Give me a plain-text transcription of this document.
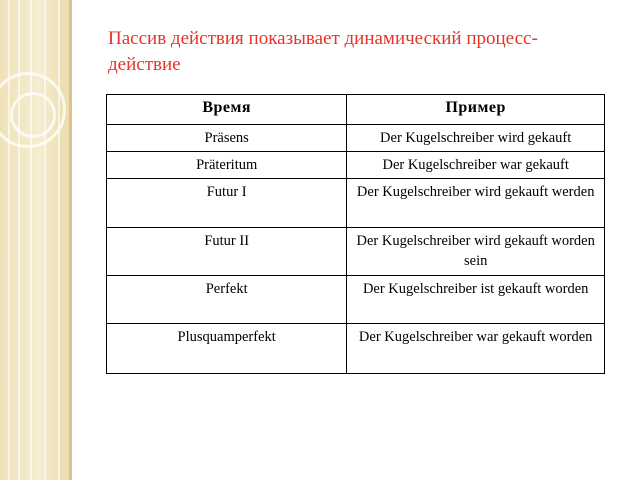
Пассив действия показывает динамический процесс-действие
Время	Пример
Präsens	Der Kugelschreiber wird gekauft
Präteritum	Der Kugelschreiber war gekauft
Futur I	Der Kugelschreiber wird gekauft werden
Futur II	Der Kugelschreiber wird gekauft worden sein
Perfekt	Der Kugelschreiber ist gekauft worden
Plusquamperfekt	Der Kugelschreiber war gekauft worden
